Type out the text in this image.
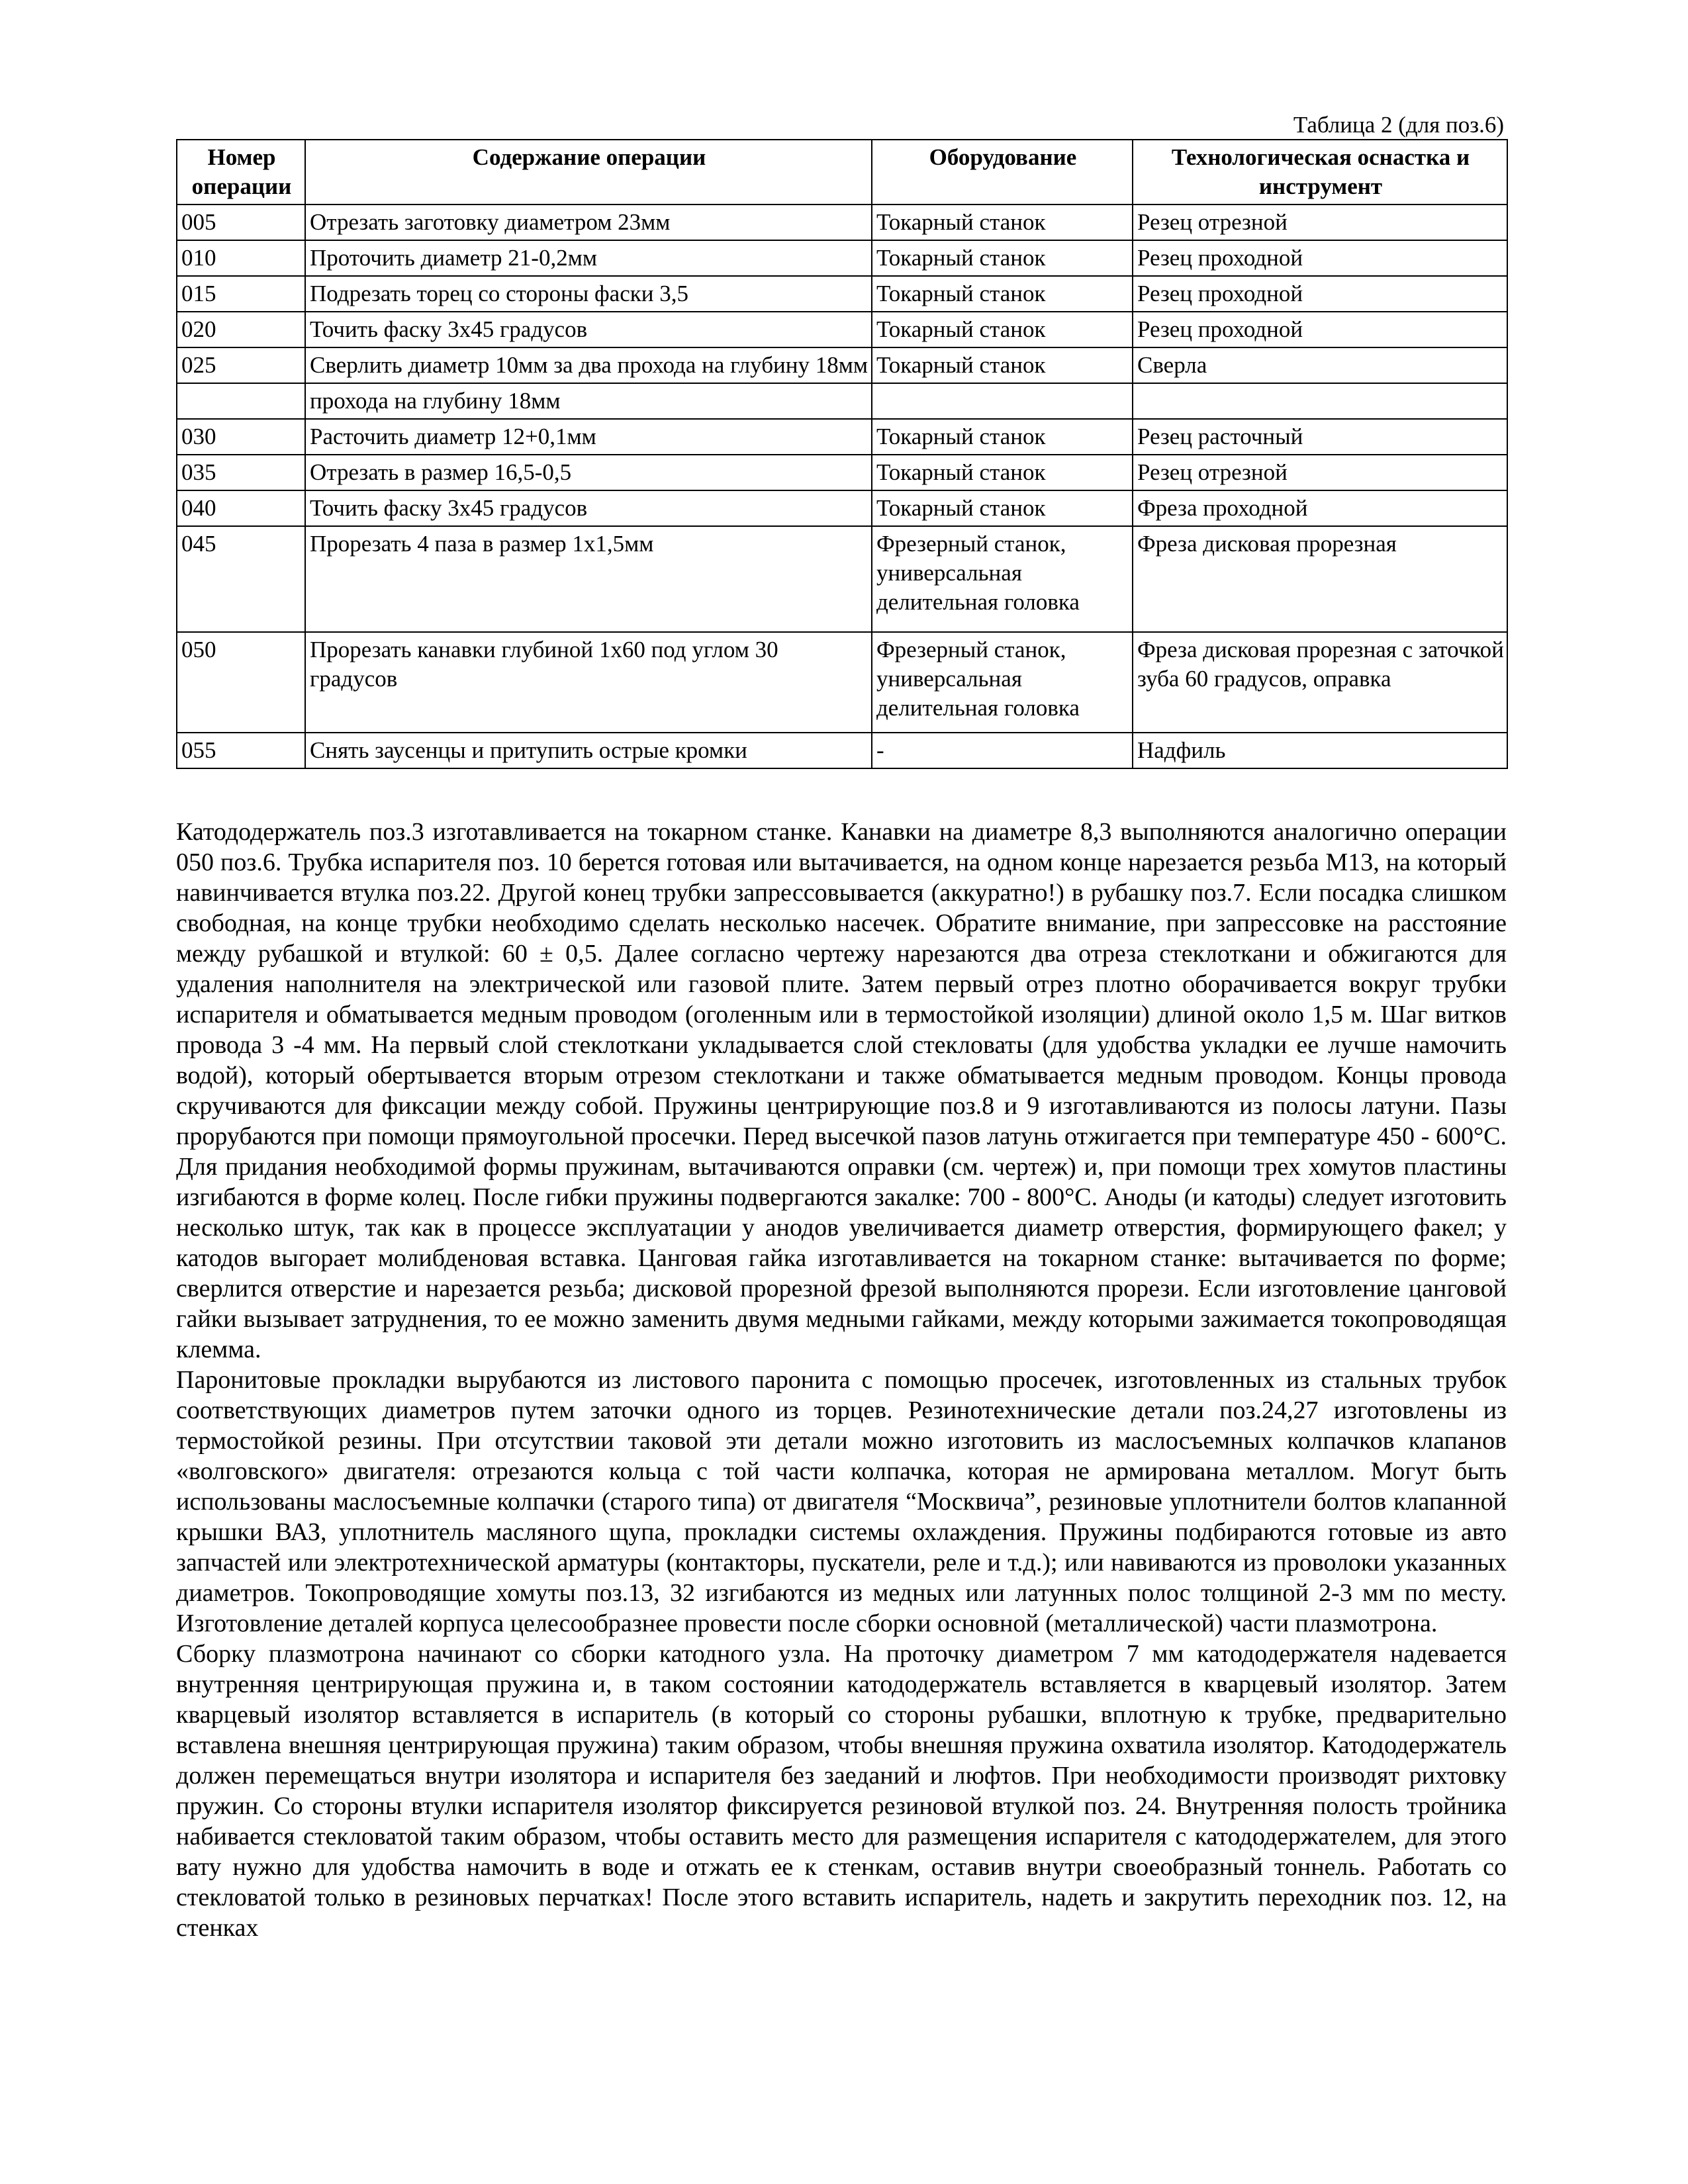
Таблица 2 (для поз.6)
Номер операции	Содержание операции	Оборудование	Технологическая оснастка и инструмент
005	Отрезать заготовку диаметром 23мм	Токарный станок	Резец отрезной
010	Проточить диаметр 21-0,2мм	Токарный станок	Резец проходной
015	Подрезать торец со стороны фаски 3,5	Токарный станок	Резец проходной
020	Точить фаску 3х45 градусов	Токарный станок	Резец проходной
025	Сверлить диаметр 10мм за два прохода на глубину 18мм	Токарный станок	Сверла
	прохода на глубину 18мм		
030	Расточить диаметр 12+0,1мм	Токарный станок	Резец расточный
035	Отрезать в размер 16,5-0,5	Токарный станок	Резец отрезной
040	Точить фаску 3х45 градусов	Токарный станок	Фреза проходной
045	Прорезать 4 паза в размер 1х1,5мм	Фрезерный станок, универсальная делительная головка	Фреза дисковая прорезная
050	Прорезать канавки глубиной 1х60 под углом 30 градусов	Фрезерный станок, универсальная делительная головка	Фреза дисковая прорезная с заточкой зуба 60 градусов, оправка
055	Снять заусенцы и притупить острые кромки	-	Надфиль

Катододержатель поз.3 изготавливается на токарном станке. Канавки на диаметре 8,3 выполняются аналогично операции 050 поз.6. Трубка испарителя поз. 10 берется готовая или вытачивается, на одном конце нарезается резьба М13, на который навинчивается втулка поз.22. Другой конец трубки запрессовывается (аккуратно!) в рубашку поз.7. Если посадка слишком свободная, на конце трубки необходимо сделать несколько насечек. Обратите внимание, при запрессовке на расстояние между рубашкой и втулкой: 60 ± 0,5. Далее согласно чертежу нарезаются два отреза стеклоткани и обжигаются для удаления наполнителя на электрической или газовой плите. Затем первый отрез плотно оборачивается вокруг трубки испарителя и обматывается медным проводом (оголенным или в термостойкой изоляции) длиной около 1,5 м. Шаг витков провода 3 -4 мм. На первый слой стеклоткани укладывается слой стекловаты (для удобства укладки ее лучше намочить водой), который обертывается вторым отрезом стеклоткани и также обматывается медным проводом. Концы провода скручиваются для фиксации между собой. Пружины центрирующие поз.8 и 9 изготавливаются из полосы латуни. Пазы прорубаются при помощи прямоугольной просечки. Перед высечкой пазов латунь отжигается при температуре 450 - 600°С. Для придания необходимой формы пружинам, вытачиваются оправки (см. чертеж) и, при помощи трех хомутов пластины изгибаются в форме колец. После гибки пружины подвергаются закалке: 700 - 800°С. Аноды (и катоды) следует изготовить несколько штук, так как в процессе эксплуатации у анодов увеличивается диаметр отверстия, формирующего факел; у катодов выгорает молибденовая вставка. Цанговая гайка изготавливается на токарном станке: вытачивается по форме; сверлится отверстие и нарезается резьба; дисковой прорезной фрезой выполняются прорези. Если изготовление цанговой гайки вызывает затруднения, то ее можно заменить двумя медными гайками, между которыми зажимается токопроводящая клемма.

Паронитовые прокладки вырубаются из листового паронита с помощью просечек, изготовленных из стальных трубок соответствующих диаметров путем заточки одного из торцев. Резинотехнические детали поз.24,27 изготовлены из термостойкой резины. При отсутствии таковой эти детали можно изготовить из маслосъемных колпачков клапанов «волговского» двигателя: отрезаются кольца с той части колпачка, которая не армирована металлом. Могут быть использованы маслосъемные колпачки (старого типа) от двигателя “Москвича”, резиновые уплотнители болтов клапанной крышки ВАЗ, уплотнитель масляного щупа, прокладки системы охлаждения. Пружины подбираются готовые из авто запчастей или электротехнической арматуры (контакторы, пускатели, реле и т.д.); или навиваются из проволоки указанных диаметров. Токопроводящие хомуты поз.13, 32 изгибаются из медных или латунных полос толщиной 2-3 мм по месту. Изготовление деталей корпуса целесообразнее провести после сборки основной (металлической) части плазмотрона.

Сборку плазмотрона начинают со сборки катодного узла. На проточку диаметром 7 мм катододержателя надевается внутренняя центрирующая пружина и, в таком состоянии катододержатель вставляется в кварцевый изолятор. Затем кварцевый изолятор вставляется в испаритель (в который со стороны рубашки, вплотную к трубке, предварительно вставлена внешняя центрирующая пружина) таким образом, чтобы внешняя пружина охватила изолятор. Катододержатель должен перемещаться внутри изолятора и испарителя без заеданий и люфтов. При необходимости производят рихтовку пружин. Со стороны втулки испарителя изолятор фиксируется резиновой втулкой поз. 24. Внутренняя полость тройника набивается стекловатой таким образом, чтобы оставить место для размещения испарителя с катододержателем, для этого вату нужно для удобства намочить в воде и отжать ее к стенкам, оставив внутри своеобразный тоннель. Работать со стекловатой только в резиновых перчатках! После этого вставить испаритель, надеть и закрутить переходник поз. 12, на стенках
